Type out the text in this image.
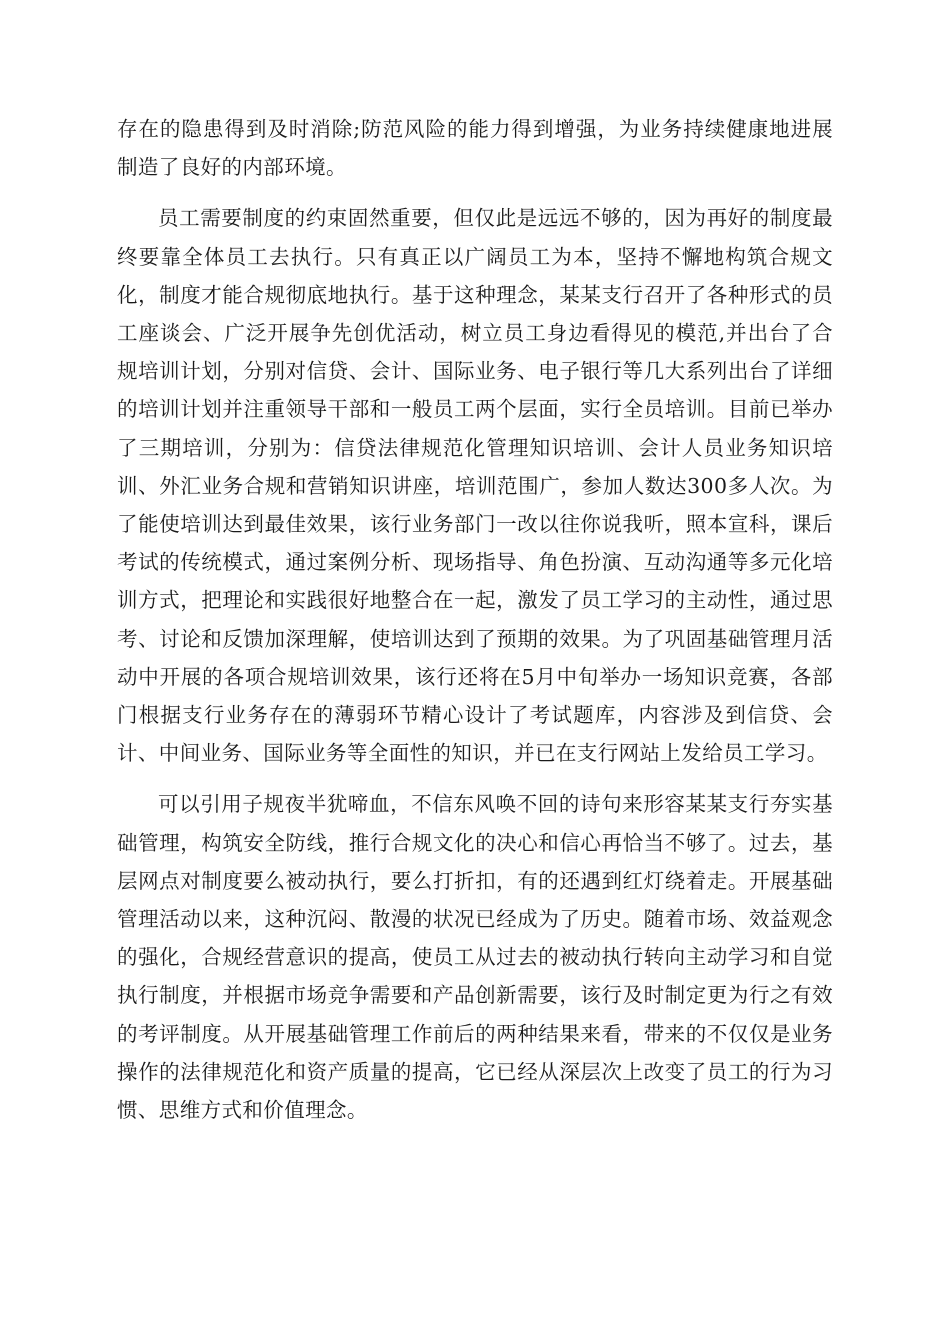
存在的隐患得到及时消除;防范风险的能力得到增强，为业务持续健康地进展制造了良好的内部环境。

员工需要制度的约束固然重要，但仅此是远远不够的，因为再好的制度最终要靠全体员工去执行。只有真正以广阔员工为本，坚持不懈地构筑合规文化，制度才能合规彻底地执行。基于这种理念，某某支行召开了各种形式的员工座谈会、广泛开展争先创优活动，树立员工身边看得见的模范,并出台了合规培训计划，分别对信贷、会计、国际业务、电子银行等几大系列出台了详细的培训计划并注重领导干部和一般员工两个层面，实行全员培训。目前已举办了三期培训，分别为：信贷法律规范化管理知识培训、会计人员业务知识培训、外汇业务合规和营销知识讲座，培训范围广，参加人数达300多人次。为了能使培训达到最佳效果，该行业务部门一改以往你说我听，照本宣科，课后考试的传统模式，通过案例分析、现场指导、角色扮演、互动沟通等多元化培训方式，把理论和实践很好地整合在一起，激发了员工学习的主动性，通过思考、讨论和反馈加深理解，使培训达到了预期的效果。为了巩固基础管理月活动中开展的各项合规培训效果，该行还将在5月中旬举办一场知识竞赛，各部门根据支行业务存在的薄弱环节精心设计了考试题库，内容涉及到信贷、会计、中间业务、国际业务等全面性的知识，并已在支行网站上发给员工学习。

可以引用子规夜半犹啼血，不信东风唤不回的诗句来形容某某支行夯实基础管理，构筑安全防线，推行合规文化的决心和信心再恰当不够了。过去，基层网点对制度要么被动执行，要么打折扣，有的还遇到红灯绕着走。开展基础管理活动以来，这种沉闷、散漫的状况已经成为了历史。随着市场、效益观念的强化，合规经营意识的提高，使员工从过去的被动执行转向主动学习和自觉执行制度，并根据市场竞争需要和产品创新需要，该行及时制定更为行之有效的考评制度。从开展基础管理工作前后的两种结果来看，带来的不仅仅是业务操作的法律规范化和资产质量的提高，它已经从深层次上改变了员工的行为习惯、思维方式和价值理念。
